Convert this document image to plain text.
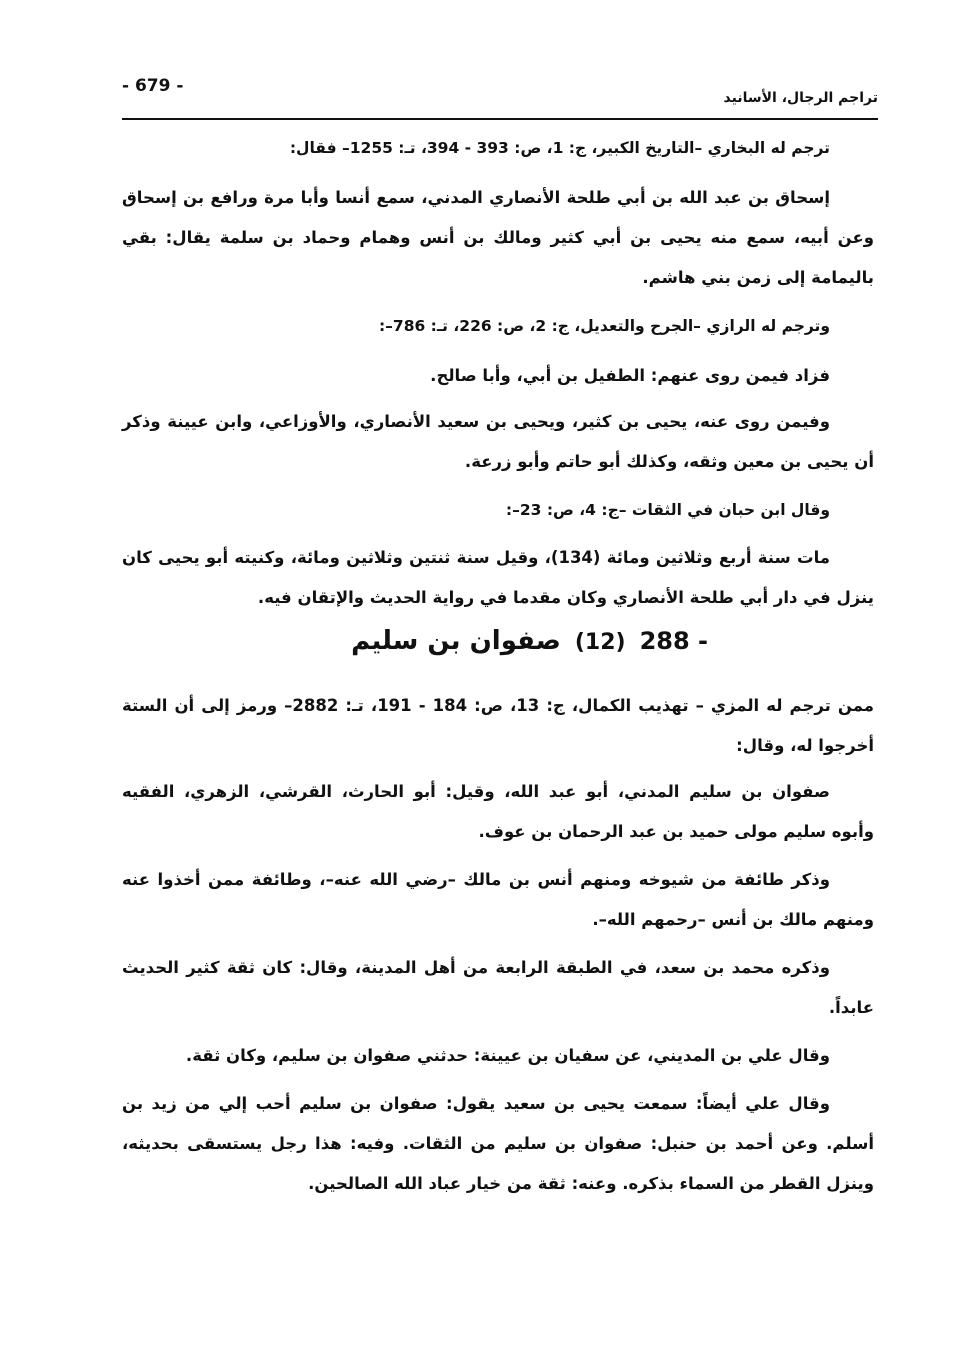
- 679 -
تراجم الرجال، الأسانيد

ترجم له البخاري –التاريخ الكبير، ج: 1، ص: 393 - 394، تـ: 1255– فقال:

إسحاق بن عبد الله بن أبي طلحة الأنصاري المدني، سمع أنسا وأبا مرة ورافع بن إسحاق وعن أبيه، سمع منه يحيى بن أبي كثير ومالك بن أنس وهمام وحماد بن سلمة يقال: بقي باليمامة إلى زمن بني هاشم.

وترجم له الرازي –الجرح والتعديل، ج: 2، ص: 226، تـ: 786–:

فزاد فيمن روى عنهم: الطفيل بن أبي، وأبا صالح.

وفيمن روى عنه، يحيى بن كثير، ويحيى بن سعيد الأنصاري، والأوزاعي، وابن عيينة وذكر أن يحيى بن معين وثقه، وكذلك أبو حاتم وأبو زرعة.

وقال ابن حبان في الثقات –ج: 4، ص: 23–:

مات سنة أربع وثلاثين ومائة (134)، وقيل سنة ثنتين وثلاثين ومائة، وكنيته أبو يحيى كان ينزل في دار أبي طلحة الأنصاري وكان مقدما في رواية الحديث والإتقان فيه.

288 -
(12)
صفوان بن سليم

ممن ترجم له المزي – تهذيب الكمال، ج: 13، ص: 184 - 191، تـ: 2882– ورمز إلى أن الستة أخرجوا له، وقال:

صفوان بن سليم المدني، أبو عبد الله، وقيل: أبو الحارث، القرشي، الزهري، الفقيه وأبوه سليم مولى حميد بن عبد الرحمان بن عوف.

وذكر طائفة من شيوخه ومنهم أنس بن مالك –رضي الله عنه–، وطائفة ممن أخذوا عنه ومنهم مالك بن أنس –رحمهم الله–.

وذكره محمد بن سعد، في الطبقة الرابعة من أهل المدينة، وقال: كان ثقة كثير الحديث عابداً.

وقال علي بن المديني، عن سفيان بن عيينة: حدثني صفوان بن سليم، وكان ثقة.

وقال علي أيضاً: سمعت يحيى بن سعيد يقول: صفوان بن سليم أحب إلي من زيد بن أسلم. وعن أحمد بن حنبل: صفوان بن سليم من الثقات. وفيه: هذا رجل يستسقى بحديثه، وينزل القطر من السماء بذكره. وعنه: ثقة من خيار عباد الله الصالحين.
